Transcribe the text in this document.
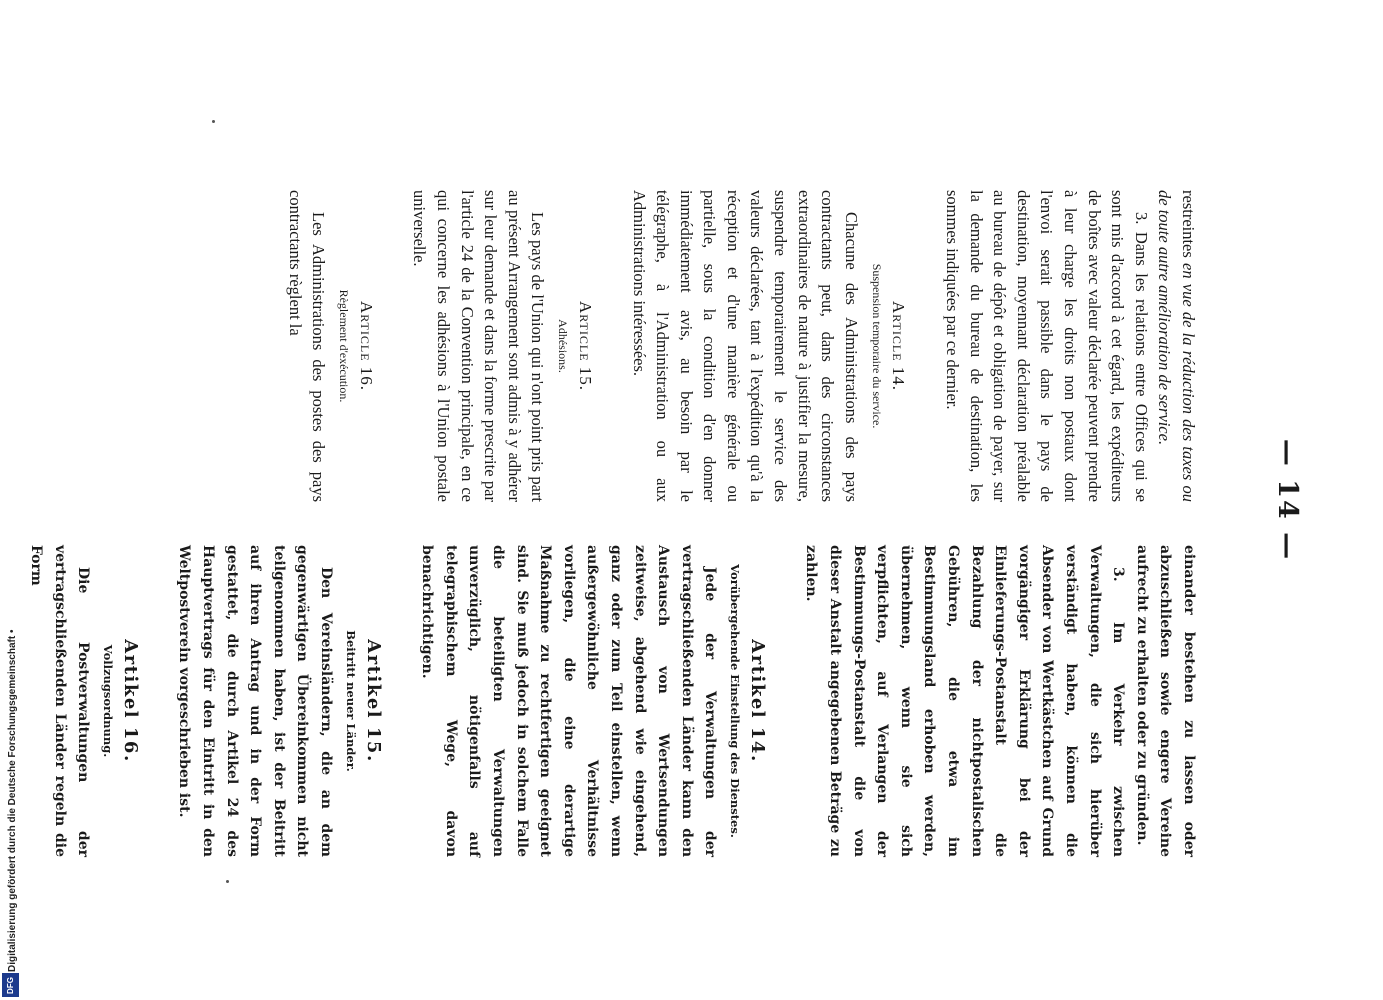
— 14 —

restreintes en vue de la réduction des taxes ou de toute autre amélioration de service.

3. Dans les relations entre Offices qui se sont mis d'accord à cet égard, les expéditeurs de boîtes avec valeur déclarée peuvent prendre à leur charge les droits non postaux dont l'envoi serait passible dans le pays de destination, moyennant déclaration préalable au bureau de dépôt et obligation de payer, sur la demande du bureau de destination, les sommes indiquées par ce dernier.

Article 14.

Suspension temporaire du service.

Chacune des Administrations des pays contractants peut, dans des circonstances extraordinaires de nature à justifier la mesure, suspendre temporairement le service des valeurs déclarées, tant à l'expédition qu'à la réception et d'une manière générale ou partielle, sous la condition d'en donner immédiatement avis, au besoin par le télégraphe, à l'Administration ou aux Administrations intéressées.

Article 15.

Adhésions.

Les pays de l'Union qui n'ont point pris part au présent Arrangement sont admis à y adhérer sur leur demande et dans la forme prescrite par l'article 24 de la Convention principale, en ce qui concerne les adhésions à l'Union postale universelle.

Article 16.

Règlement d'exécution.

Les Administrations des postes des pays contractants règlent la

einander bestehen zu lassen oder abzuschließen sowie engere Vereine aufrecht zu erhalten oder zu gründen.

3. Im Verkehr zwischen Verwaltungen, die sich hierüber verständigt haben, können die Absender von Wertkästchen auf Grund vorgängiger Erklärung bei der Einlieferungs-Postanstalt die Bezahlung der nichtpostalischen Gebühren, die etwa im Bestimmungsland erhoben werden, übernehmen, wenn sie sich verpflichten, auf Verlangen der Bestimmungs-Postanstalt die von dieser Anstalt angegebenen Beträge zu zahlen.

Artikel 14.

Vorübergehende Einstellung des Dienstes.

Jede der Verwaltungen der vertragschließenden Länder kann den Austausch von Wertsendungen zeitweise, abgehend wie eingehend, ganz oder zum Teil einstellen, wenn außergewöhnliche Verhältnisse vorliegen, die eine derartige Maßnahme zu rechtfertigen geeignet sind. Sie muß jedoch in solchem Falle die beteiligten Verwaltungen unverzüglich, nötigenfalls auf telegraphischem Wege, davon benachrichtigen.

Artikel 15.

Beitritt neuer Länder.

Den Vereinsländern, die an dem gegenwärtigen Übereinkommen nicht teilgenommen haben, ist der Beitritt auf ihren Antrag und in der Form gestattet, die durch Artikel 24 des Hauptvertrags für den Eintritt in den Weltpostverein vorgeschrieben ist.

Artikel 16.

Vollzugsordnung.

Die Postverwaltungen der vertragschließenden Länder regeln die Form

Digitalisierung gefördert durch die Deutsche Forschungsgemeinschaft •
DFG
